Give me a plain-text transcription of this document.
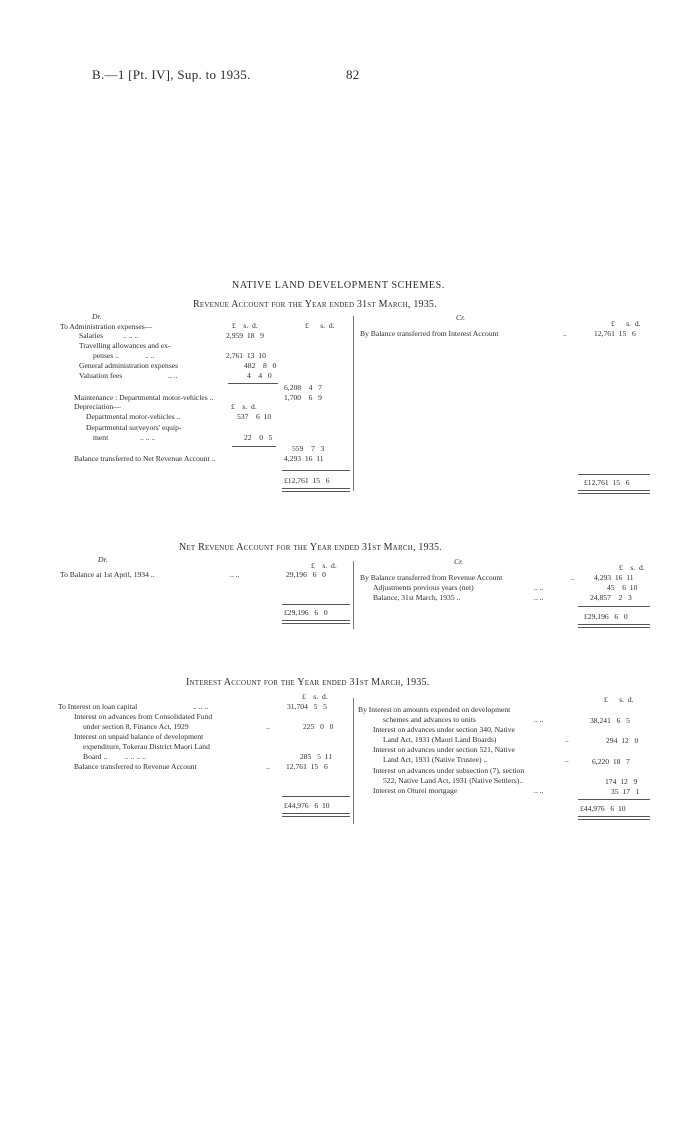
B.—1 [Pt. IV], Sup. to 1935.	82
NATIVE LAND DEVELOPMENT SCHEMES.
Revenue Account for the Year ended 31st March, 1935.
Dr.	Cr.
£    s.  d.	£      s.  d.	£      s.  d.
To Administration expenses—
Salaries	.. .. ..	2,959  18   9
Travelling allowances and ex-
penses ..	.. ..	2,761  13  10
General administration expenses	482    8   0
Valuation fees	.. ..	4    4   0
6,208    4   7
Maintenance : Departmental motor-vehicles ..	1,700    6   9
Depreciation—	£    s.  d.
Departmental motor-vehicles ..	537    6  10
Departmental surveyors' equip-
ment	.. .. ..	22    0   5
559    7   3
Balance transferred to Net Revenue Account ..	4,293  16  11
£12,761  15   6
By Balance transferred from Interest Account	..	12,761  15   6
£12,761  15   6
Net Revenue Account for the Year ended 31st March, 1935.
Dr.	Cr.
£    s.  d.	£    s.  d.
To Balance at 1st April, 1934 ..	.. ..	29,196   6   0	By Balance transferred from Revenue Account	..	4,293  16  11
Adjustments previous years (net)	.. ..	45    6  10
Balance, 31st March, 1935 ..	.. ..	24,857    2   3
£29,196   6   0	£29,196   6   0
Interest Account for the Year ended 31st March, 1935.
£    s.  d.	£      s.  d.
To Interest on loan capital	.. .. ..	31,704   5   5
Interest on advances from Consolidated Fund
under section 8, Finance Act, 1929	..	225   0   0
Interest on unpaid balance of development
expenditure, Tokerau District Maori Land
Board .. .. .. .. ..	285   5  11
Balance transferred to Revenue Account	.. 12,761  15   6
By Interest on amounts expended on development
schemes and advances to units	.. ..	38,241   6   5
Interest on advances under section 340, Native
Land Act, 1931 (Maori Land Boards)	..	294  12   0
Interest on advances under section 521, Native
Land Act, 1931 (Native Trustee) ..	..	6,220  18   7
Interest on advances under subsection (7), section
522, Native Land Act, 1931 (Native Settlers)..	174  12   9
Interest on Oturei mortgage	.. ..	35  17   1
£44,976   6  10	£44,976   6  10
